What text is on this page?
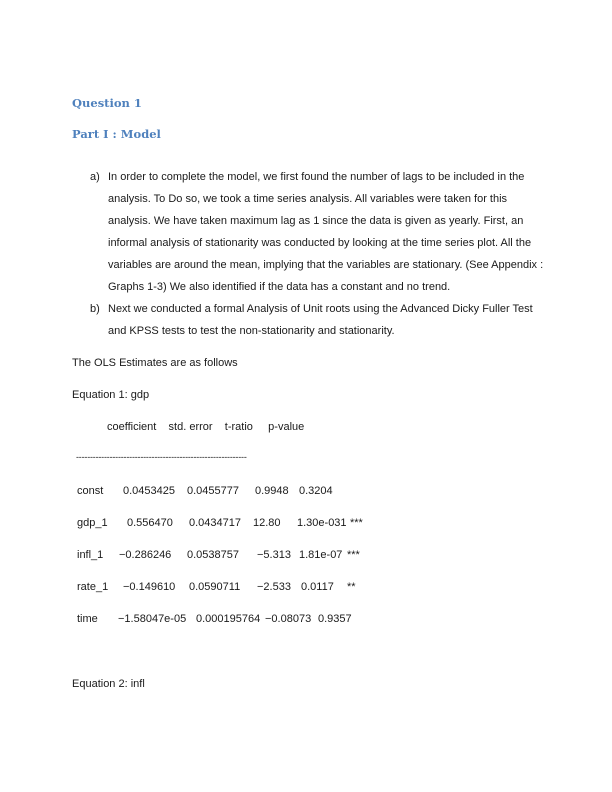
Question 1
Part I : Model
a) In order to complete the model, we first found the number of lags to be included in the analysis. To Do so, we took a time series analysis. All variables were taken for this analysis. We have taken maximum lag as 1 since the data is given as yearly. First, an informal analysis of stationarity was conducted by looking at the time series plot. All the variables are around the mean, implying that the variables are stationary. (See Appendix : Graphs 1-3) We also identified if the data has a constant and no trend.
b) Next we conducted a formal Analysis of Unit roots using the Advanced Dicky Fuller Test and KPSS tests to test the non-stationarity and stationarity.

The OLS Estimates are as follows

Equation 1: gdp

coefficient    std. error    t-ratio     p-value

-------------------------------------------------------------

const 0.0453425 0.0455777 0.9948 0.3204
gdp_1 0.556470 0.0434717 12.80 1.30e-031 ***
infl_1 −0.286246 0.0538757 −5.313 1.81e-07 ***
rate_1 −0.149610 0.0590711 −2.533 0.0117 **
time −1.58047e-05 0.000195764 −0.08073 0.9357

Equation 2: infl
